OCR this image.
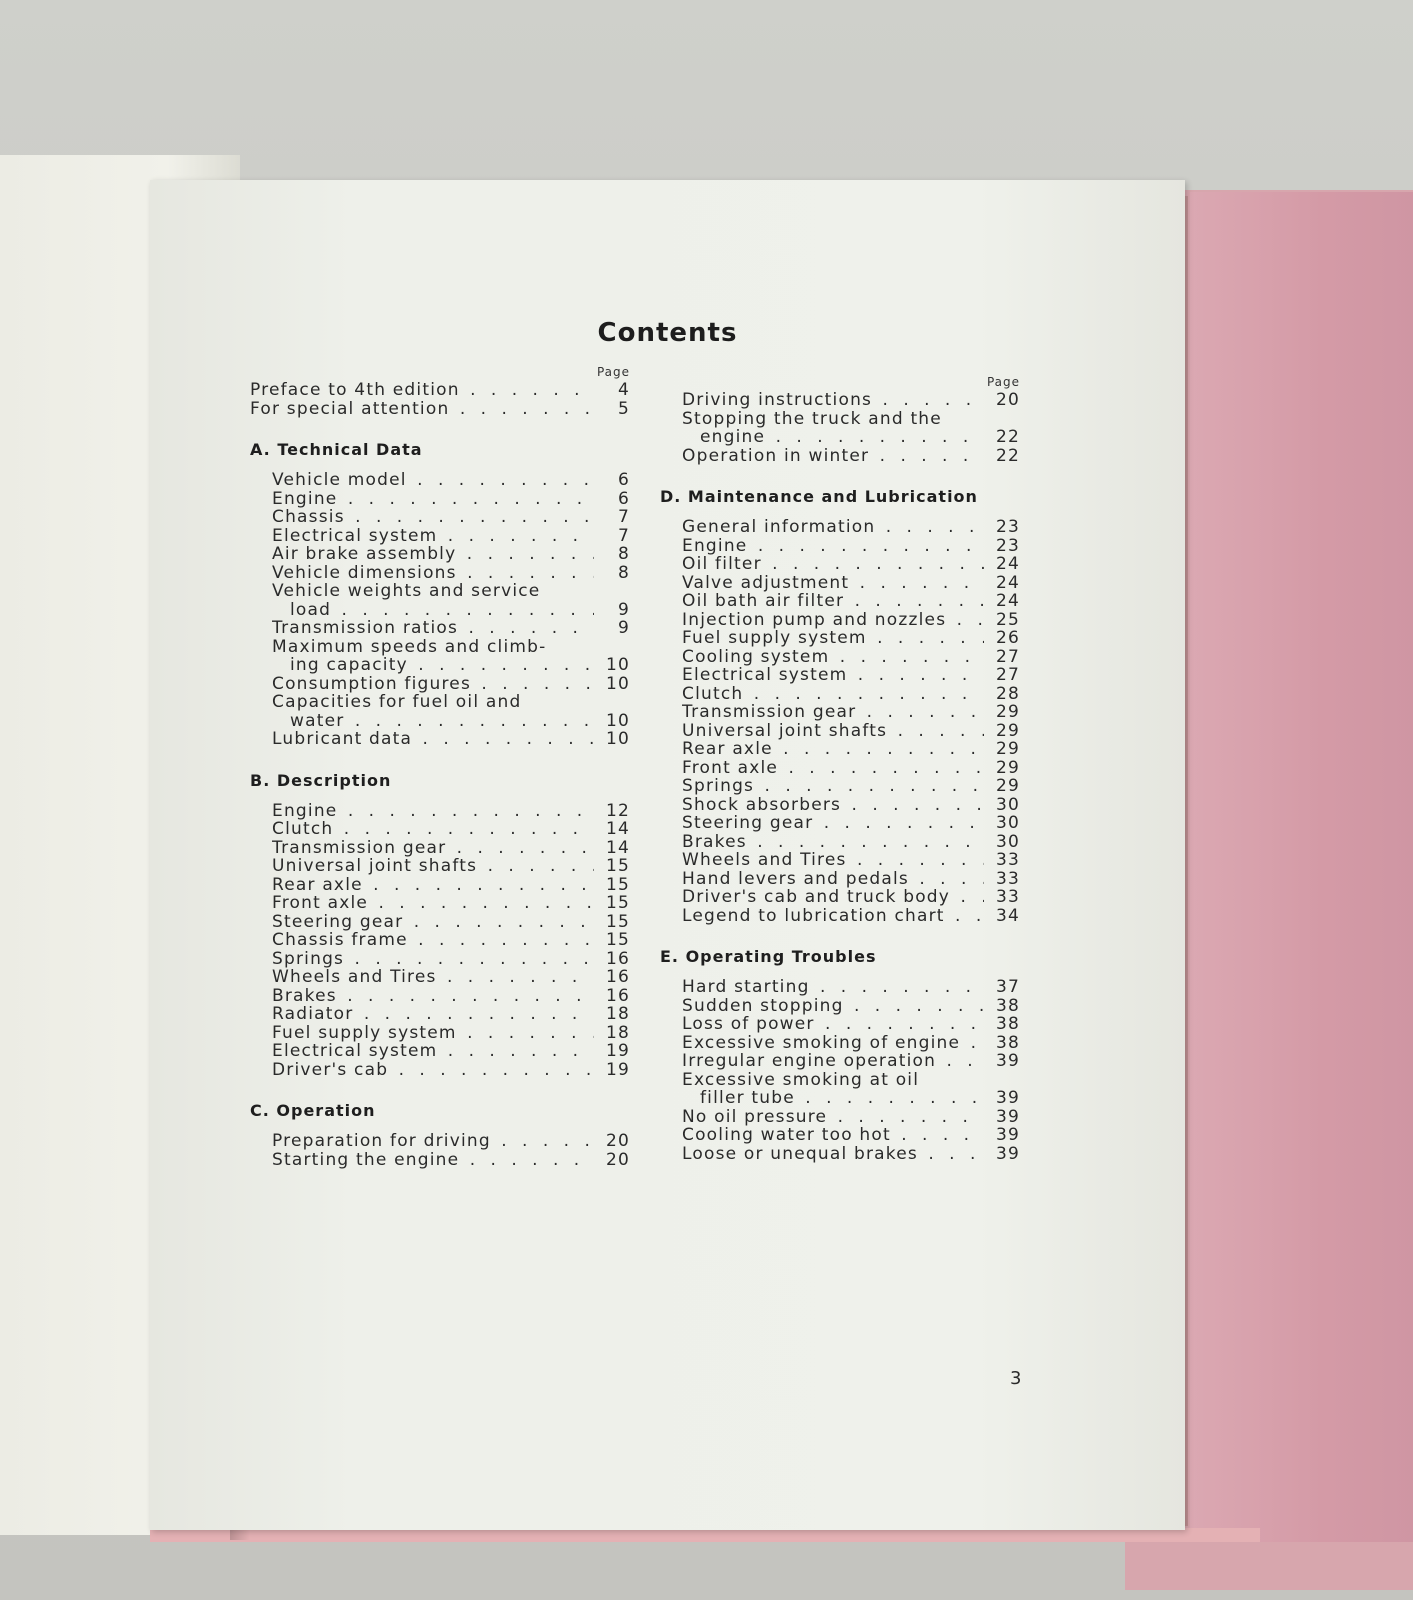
Contents
Page
Preface to 4th edition . . .	4
For special attention . . .	5
A. Technical Data
Vehicle model . . .	6
Engine . . .	6
Chassis . . .	7
Electrical system . . .	7
Air brake assembly . . .	8
Vehicle dimensions . . .	8
Vehicle weights and service
load . . .	9
Transmission ratios . . .	9
Maximum speeds and climb-
ing capacity . . .	10
Consumption figures . . .	10
Capacities for fuel oil and
water . . .	10
Lubricant data . . .	10
B. Description
Engine . . .	12
Clutch . . .	14
Transmission gear . . .	14
Universal joint shafts . . .	15
Rear axle . . .	15
Front axle . . .	15
Steering gear . . .	15
Chassis frame . . .	15
Springs . . .	16
Wheels and Tires . . .	16
Brakes . . .	16
Radiator . . .	18
Fuel supply system . . .	18
Electrical system . . .	19
Driver's cab . . .	19
C. Operation
Preparation for driving . . .	20
Starting the engine . . .	20
Page
Driving instructions . . .	20
Stopping the truck and the
engine . . .	22
Operation in winter . . .	22
D. Maintenance and Lubrication
General information . . .	23
Engine . . .	23
Oil filter . . .	24
Valve adjustment . . .	24
Oil bath air filter . . .	24
Injection pump and nozzles . . .	25
Fuel supply system . . .	26
Cooling system . . .	27
Electrical system . . .	27
Clutch . . .	28
Transmission gear . . .	29
Universal joint shafts . . .	29
Rear axle . . .	29
Front axle . . .	29
Springs . . .	29
Shock absorbers . . .	30
Steering gear . . .	30
Brakes . . .	30
Wheels and Tires . . .	33
Hand levers and pedals . . .	33
Driver's cab and truck body . . .	33
Legend to lubrication chart . . .	34
E. Operating Troubles
Hard starting . . .	37
Sudden stopping . . .	38
Loss of power . . .	38
Excessive smoking of engine . . .	38
Irregular engine operation . . .	39
Excessive smoking at oil
filler tube . . .	39
No oil pressure . . .	39
Cooling water too hot . . .	39
Loose or unequal brakes . . .	39
3
